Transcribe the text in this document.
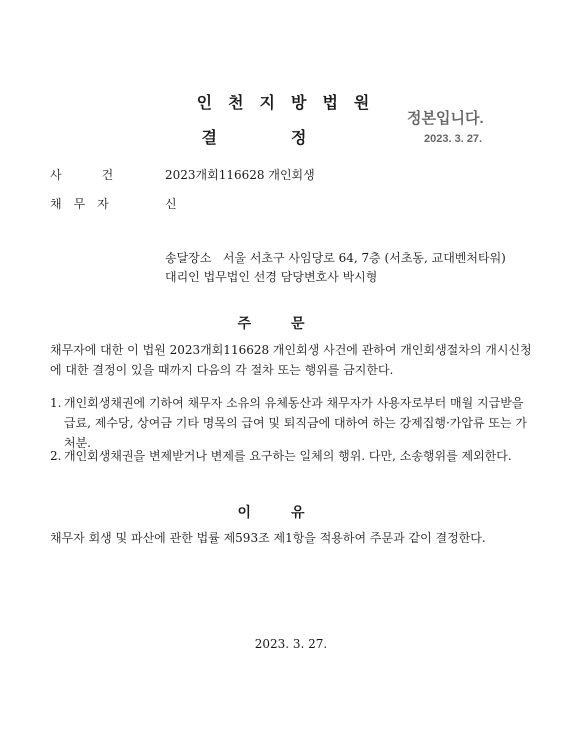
인천지방법원
결정
정본입니다.
2023. 3. 27.
사건 2023개회116628 개인회생
채무자	신
송달장소 서울 서초구 사임당로 64, 7층 (서초동, 교대벤처타워)
대리인 법무법인 선경 담당변호사 박시형
주문
채무자에 대한 이 법원 2023개회116628 개인회생 사건에 관하여 개인회생절차의 개시신청에 대한 결정이 있을 때까지 다음의 각 절차 또는 행위를 금지한다.
1. 개인회생채권에 기하여 채무자 소유의 유체동산과 채무자가 사용자로부터 매월 지급받을 급료, 제수당, 상여금 기타 명목의 급여 및 퇴직금에 대하여 하는 강제집행·가압류 또는 가처분.
2. 개인회생채권을 변제받거나 변제를 요구하는 일체의 행위. 다만, 소송행위를 제외한다.
이유
채무자 회생 및 파산에 관한 법률 제593조 제1항을 적용하여 주문과 같이 결정한다.
2023. 3. 27.
